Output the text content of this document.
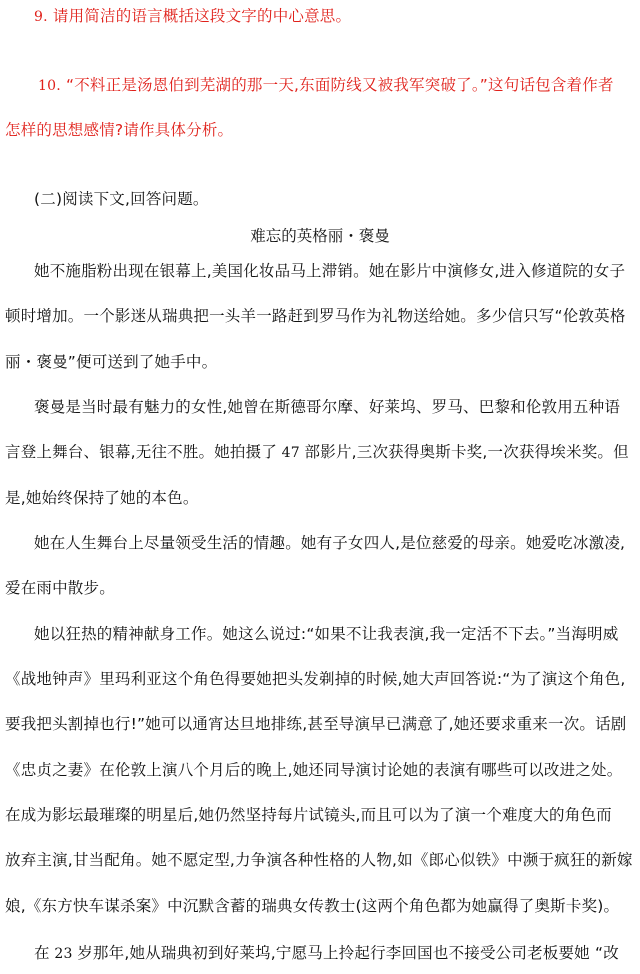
9. 请用简洁的语言概括这段文字的中心意思。
10. “不料正是汤恩伯到芜湖的那一天,东面防线又被我军突破了。”这句话包含着作者
怎样的思想感情?请作具体分析。
(二)阅读下文,回答问题。
难忘的英格丽・褒曼
她不施脂粉出现在银幕上,美国化妆品马上滞销。她在影片中演修女,进入修道院的女子
顿时增加。一个影迷从瑞典把一头羊一路赶到罗马作为礼物送给她。多少信只写“伦敦英格
丽・褒曼”便可送到了她手中。
褒曼是当时最有魅力的女性,她曾在斯德哥尔摩、好莱坞、罗马、巴黎和伦敦用五种语
言登上舞台、银幕,无往不胜。她拍摄了 47 部影片,三次获得奥斯卡奖,一次获得埃米奖。但
是,她始终保持了她的本色。
她在人生舞台上尽量领受生活的情趣。她有子女四人,是位慈爱的母亲。她爱吃冰激凌,
爱在雨中散步。
她以狂热的精神献身工作。她这么说过:“如果不让我表演,我一定活不下去。”当海明威
《战地钟声》里玛利亚这个角色得要她把头发剃掉的时候,她大声回答说:“为了演这个角色,
要我把头割掉也行!”她可以通宵达旦地排练,甚至导演早已满意了,她还要求重来一次。话剧
《忠贞之妻》在伦敦上演八个月后的晚上,她还同导演讨论她的表演有哪些可以改进之处。
在成为影坛最璀璨的明星后,她仍然坚持每片试镜头,而且可以为了演一个难度大的角色而
放弃主演,甘当配角。她不愿定型,力争演各种性格的人物,如《郎心似铁》中濒于疯狂的新嫁
娘,《东方快车谋杀案》中沉默含蓄的瑞典女传教士(这两个角色都为她赢得了奥斯卡奖)。
在 23 岁那年,她从瑞典初到好莱坞,宁愿马上拎起行李回国也不接受公司老板要她 “改
